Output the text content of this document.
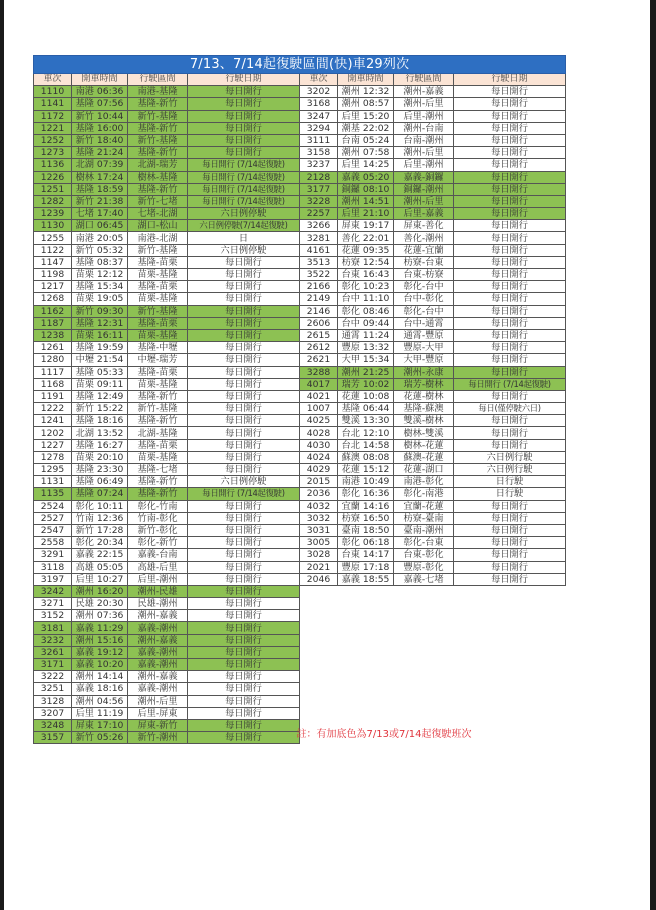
7/13、7/14起復駛區間(快)車29列次							
車次	開車時間	行駛區間	行駛日期	車次	開車時間	行駛區間	行駛日期
1110	南港 06:36	南港-基隆	每日開行	3202	潮州 12:32	潮州-嘉義	每日開行
1141	基隆 07:56	基隆-新竹	每日開行	3168	潮州 08:57	潮州-后里	每日開行
1172	新竹 10:44	新竹-基隆	每日開行	3247	后里 15:20	后里-潮州	每日開行
1221	基隆 16:00	基隆-新竹	每日開行	3294	潮基 22:02	潮州-台南	每日開行
1252	新竹 18:40	新竹-基隆	每日開行	3111	台南 05:24	台南-潮州	每日開行
1273	基隆 21:24	基隆-新竹	每日開行	3158	潮州 07:58	潮州-后里	每日開行
1136	北湖 07:39	北湖-瑞芳	每日開行 (7/14起復駛)	3237	后里 14:25	后里-潮州	每日開行
1226	樹林 17:24	樹林-基隆	每日開行 (7/14起復駛)	2128	嘉義 05:20	嘉義-銅鑼	每日開行
1251	基隆 18:59	基隆-新竹	每日開行 (7/14起復駛)	3177	銅鑼 08:10	銅鑼-潮州	每日開行
1282	新竹 21:38	新竹-七堵	每日開行 (7/14起復駛)	3228	潮州 14:51	潮州-后里	每日開行
1239	七堵 17:40	七堵-北湖	六日例停駛	2257	后里 21:10	后里-嘉義	每日開行
1130	湖口 06:45	湖口-松山	六日例停駛(7/14起復駛)	3266	屏東 19:17	屏東-善化	每日開行
1255	南港 20:05	南港-北湖	日	3281	善化 22:01	善化-潮州	每日開行
1122	新竹 05:32	新竹-基隆	六日例停駛	4161	花蓮 09:35	花蓮-宜蘭	每日開行
1147	基隆 08:37	基隆-苗栗	每日開行	3513	枋寮 12:54	枋寮-台東	每日開行
1198	苗栗 12:12	苗栗-基隆	每日開行	3522	台東 16:43	台東-枋寮	每日開行
1217	基隆 15:34	基隆-苗栗	每日開行	2166	彰化 10:23	彰化-台中	每日開行
1268	苗栗 19:05	苗栗-基隆	每日開行	2149	台中 11:10	台中-彰化	每日開行
1162	新竹 09:30	新竹-基隆	每日開行	2146	彰化 08:46	彰化-台中	每日開行
1187	基隆 12:31	基隆-苗栗	每日開行	2606	台中 09:44	台中-通霄	每日開行
1238	苗栗 16:11	苗栗-基隆	每日開行	2615	通霄 11:24	通霄-豐原	每日開行
1261	基隆 19:59	基隆-中壢	每日開行	2612	豐原 13:32	豐原-大甲	每日開行
1280	中壢 21:54	中壢-瑞芳	每日開行	2621	大甲 15:34	大甲-豐原	每日開行
1117	基隆 05:33	基隆-苗栗	每日開行	3288	潮州 21:25	潮州-永康	每日開行
1168	苗栗 09:11	苗栗-基隆	每日開行	4017	瑞芳 10:02	瑞芳-樹林	每日開行 (7/14起復駛)
1191	基隆 12:49	基隆-新竹	每日開行	4021	花蓮 10:08	花蓮-樹林	每日開行
1222	新竹 15:22	新竹-基隆	每日開行	1007	基隆 06:44	基隆-蘇澳	每日(僅停駛六日)
1241	基隆 18:16	基隆-新竹	每日開行	4025	雙溪 13:30	雙溪-樹林	每日開行
1202	北湖 13:52	北湖-基隆	每日開行	4028	台北 12:10	樹林-雙溪	每日開行
1227	基隆 16:27	基隆-苗栗	每日開行	4030	台北 14:58	樹林-花蓮	每日開行
1278	苗栗 20:10	苗栗-基隆	每日開行	4024	蘇澳 08:08	蘇澳-花蓮	六日例行駛
1295	基隆 23:30	基隆-七堵	每日開行	4029	花蓮 15:12	花蓮-湖口	六日例行駛
1131	基隆 06:49	基隆-新竹	六日例停駛	2015	南港 10:49	南港-彰化	日行駛
1135	基隆 07:24	基隆-新竹	每日開行 (7/14起復駛)	2036	彰化 16:36	彰化-南港	日行駛
2524	彰化 10:11	彰化-竹南	每日開行	4032	宜蘭 14:16	宜蘭-花蓮	每日開行
2527	竹南 12:36	竹南-彰化	每日開行	3032	枋寮 16:50	枋寮-臺南	每日開行
2547	新竹 17:28	新竹-彰化	每日開行	3031	臺南 18:50	臺南-潮州	每日開行
2558	彰化 20:34	彰化-新竹	每日開行	3005	彰化 06:18	彰化-台東	每日開行
3291	嘉義 22:15	嘉義-台南	每日開行	3028	台東 14:17	台東-彰化	每日開行
3118	高雄 05:05	高雄-后里	每日開行	2021	豐原 17:18	豐原-彰化	每日開行
3197	后里 10:27	后里-潮州	每日開行	2046	嘉義 18:55	嘉義-七堵	每日開行
3242	潮州 16:20	潮州-民雄	每日開行				
3271	民雄 20:30	民雄-潮州	每日開行				
3152	潮州 07:36	潮州-嘉義	每日開行				
3181	嘉義 11:29	嘉義-潮州	每日開行				
3232	潮州 15:16	潮州-嘉義	每日開行				
3261	嘉義 19:12	嘉義-潮州	每日開行				
3171	嘉義 10:20	嘉義-潮州	每日開行				
3222	潮州 14:14	潮州-嘉義	每日開行				
3251	嘉義 18:16	嘉義-潮州	每日開行				
3128	潮州 04:56	潮州-后里	每日開行				
3207	后里 11:19	后里-屏東	每日開行				
3248	屏東 17:10	屏東-新竹	每日開行				
3157	新竹 05:26	新竹-潮州	每日開行					註：有加底色為7/13或7/14起復駛班次
